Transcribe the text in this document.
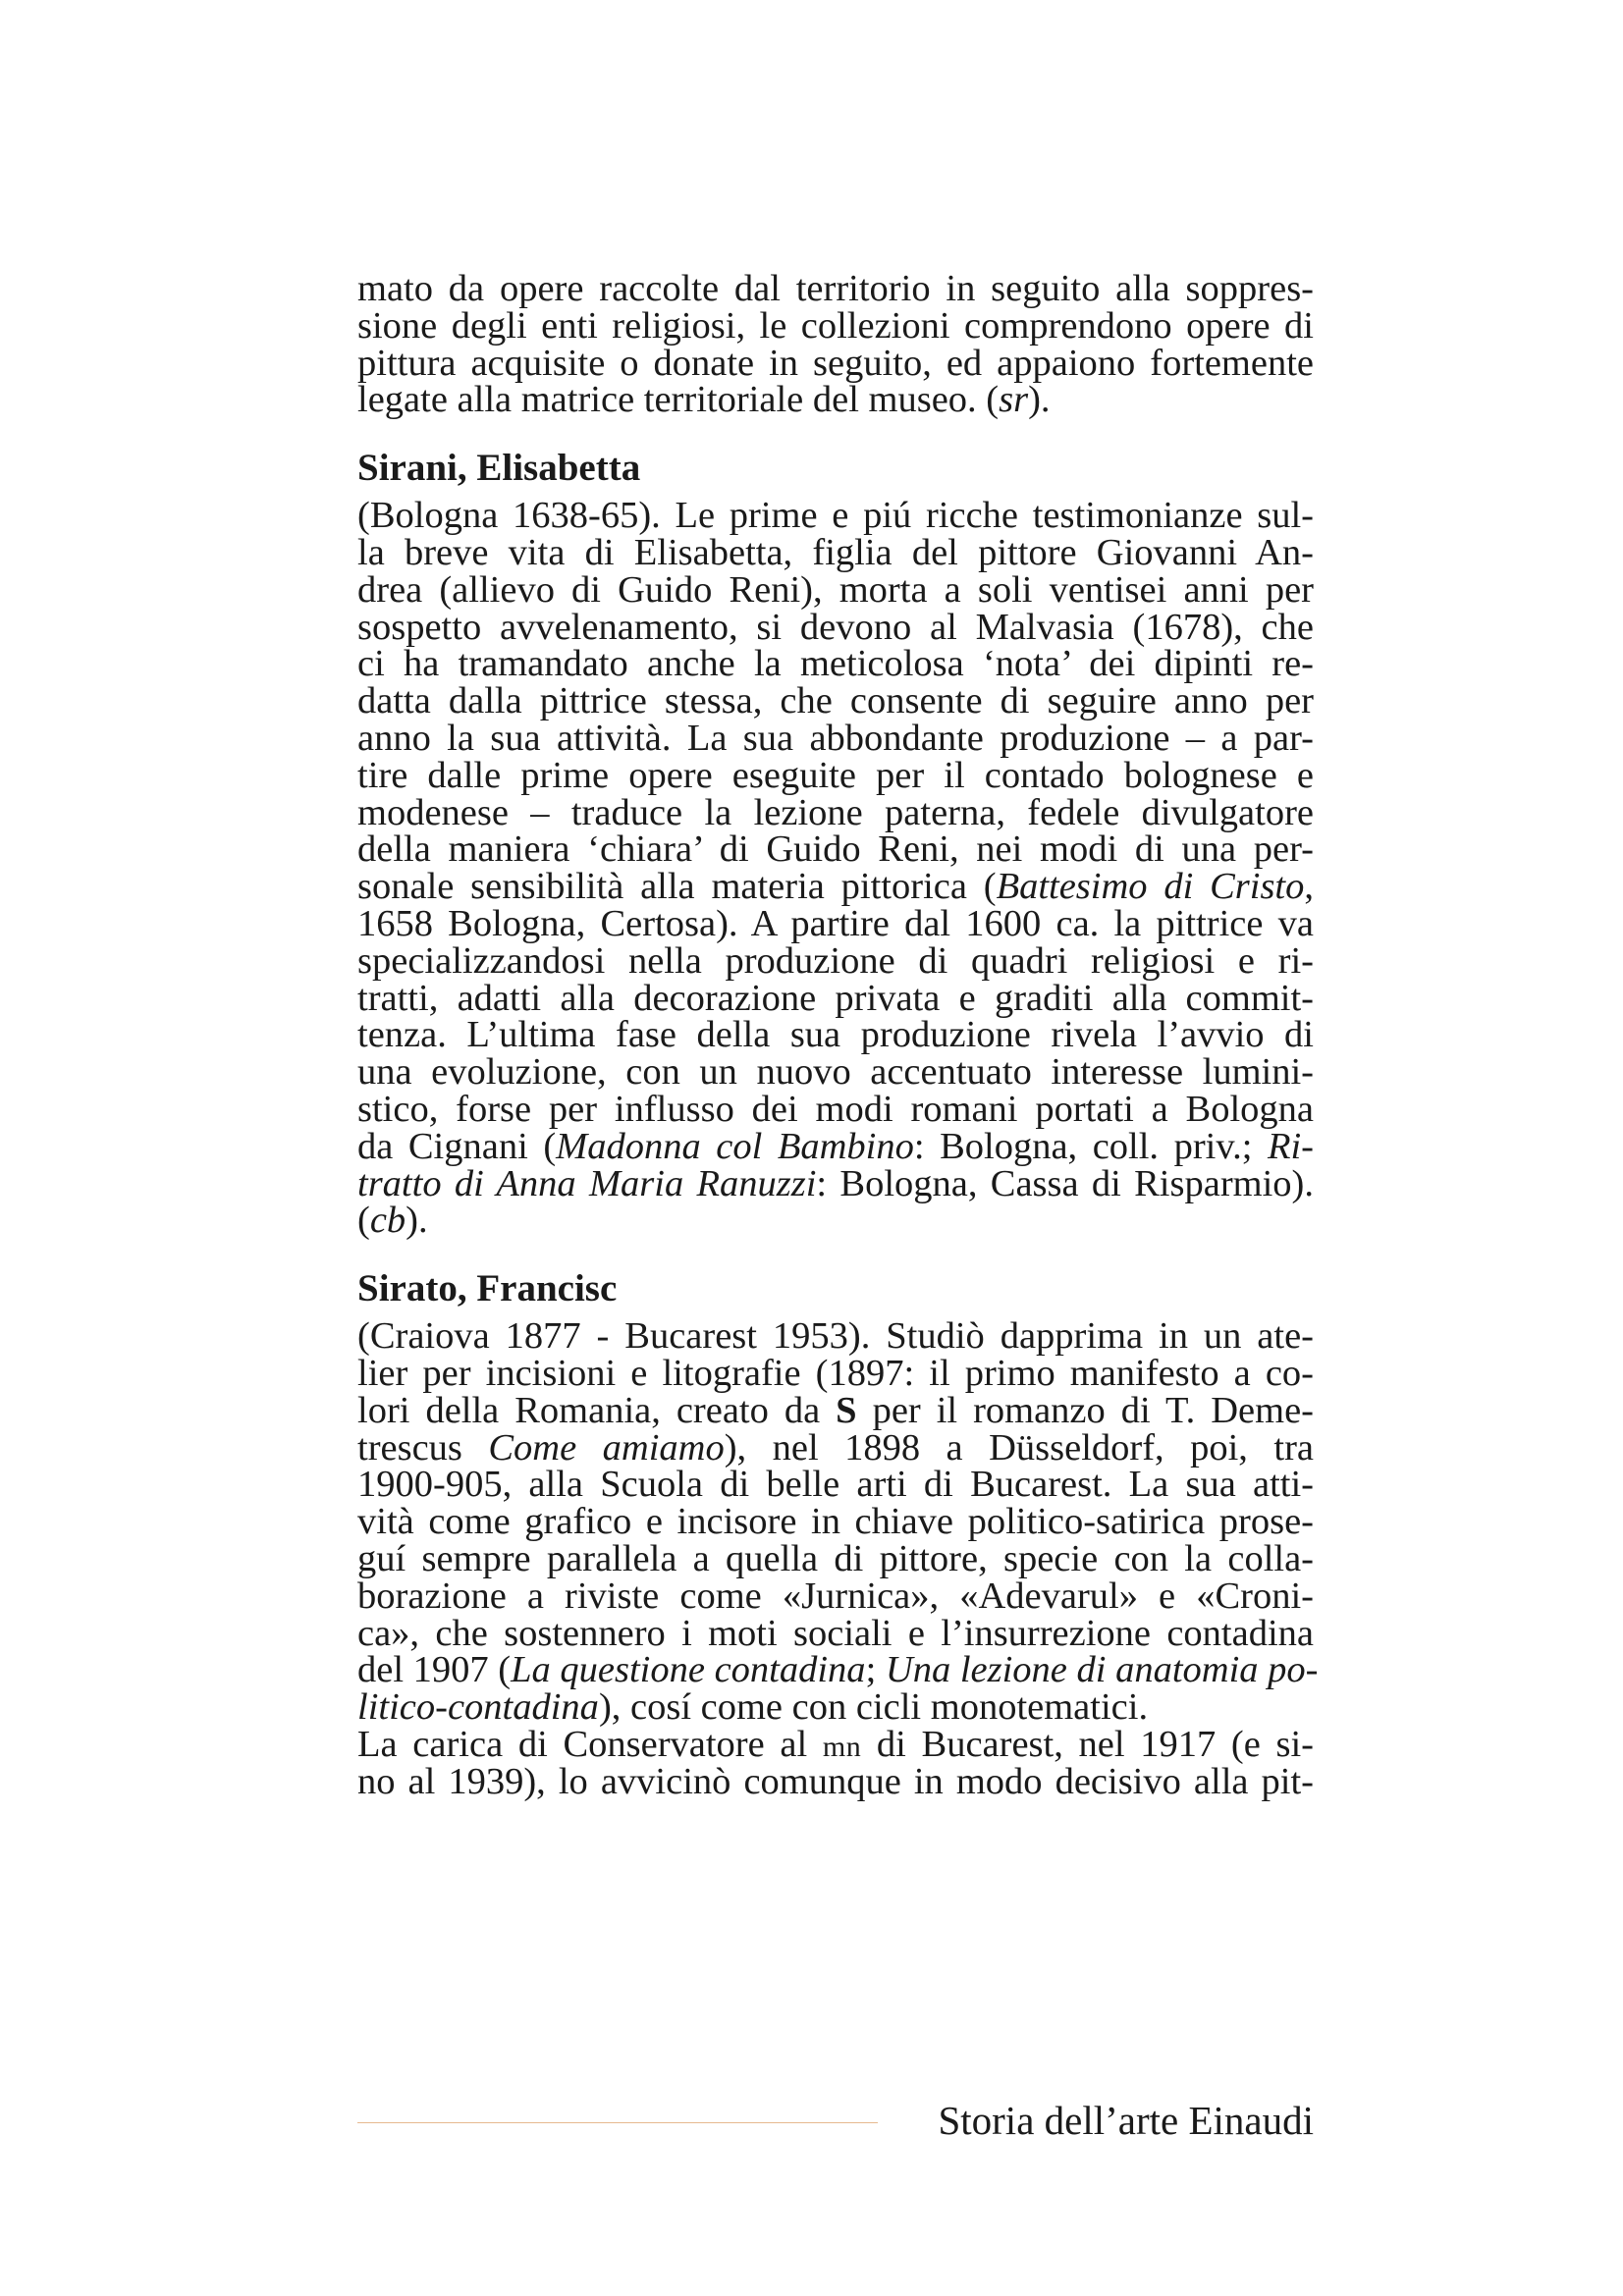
mato da opere raccolte dal territorio in seguito alla soppres-
sione degli enti religiosi, le collezioni comprendono opere di
pittura acquisite o donate in seguito, ed appaiono fortemente
legate alla matrice territoriale del museo. (sr).
Sirani, Elisabetta
(Bologna 1638-65). Le prime e piú ricche testimonianze sul-
la breve vita di Elisabetta, figlia del pittore Giovanni An-
drea (allievo di Guido Reni), morta a soli ventisei anni per
sospetto avvelenamento, si devono al Malvasia (1678), che
ci ha tramandato anche la meticolosa ‘nota’ dei dipinti re-
datta dalla pittrice stessa, che consente di seguire anno per
anno la sua attività. La sua abbondante produzione – a par-
tire dalle prime opere eseguite per il contado bolognese e
modenese – traduce la lezione paterna, fedele divulgatore
della maniera ‘chiara’ di Guido Reni, nei modi di una per-
sonale sensibilità alla materia pittorica (Battesimo di Cristo,
1658 Bologna, Certosa). A partire dal 1600 ca. la pittrice va
specializzandosi nella produzione di quadri religiosi e ri-
tratti, adatti alla decorazione privata e graditi alla commit-
tenza. L’ultima fase della sua produzione rivela l’avvio di
una evoluzione, con un nuovo accentuato interesse lumini-
stico, forse per influsso dei modi romani portati a Bologna
da Cignani (Madonna col Bambino: Bologna, coll. priv.; Ri-
tratto di Anna Maria Ranuzzi: Bologna, Cassa di Risparmio).
(cb).
Sirato, Francisc
(Craiova 1877 - Bucarest 1953). Studiò dapprima in un ate-
lier per incisioni e litografie (1897: il primo manifesto a co-
lori della Romania, creato da S per il romanzo di T. Deme-
trescus Come amiamo), nel 1898 a Düsseldorf, poi, tra
1900-905, alla Scuola di belle arti di Bucarest. La sua atti-
vità come grafico e incisore in chiave politico-satirica prose-
guí sempre parallela a quella di pittore, specie con la colla-
borazione a riviste come «Jurnica», «Adevarul» e «Croni-
ca», che sostennero i moti sociali e l’insurrezione contadina
del 1907 (La questione contadina; Una lezione di anatomia po-
litico-contadina), cosí come con cicli monotematici.
La carica di Conservatore al mn di Bucarest, nel 1917 (e si-
no al 1939), lo avvicinò comunque in modo decisivo alla pit-
Storia dell’arte Einaudi
